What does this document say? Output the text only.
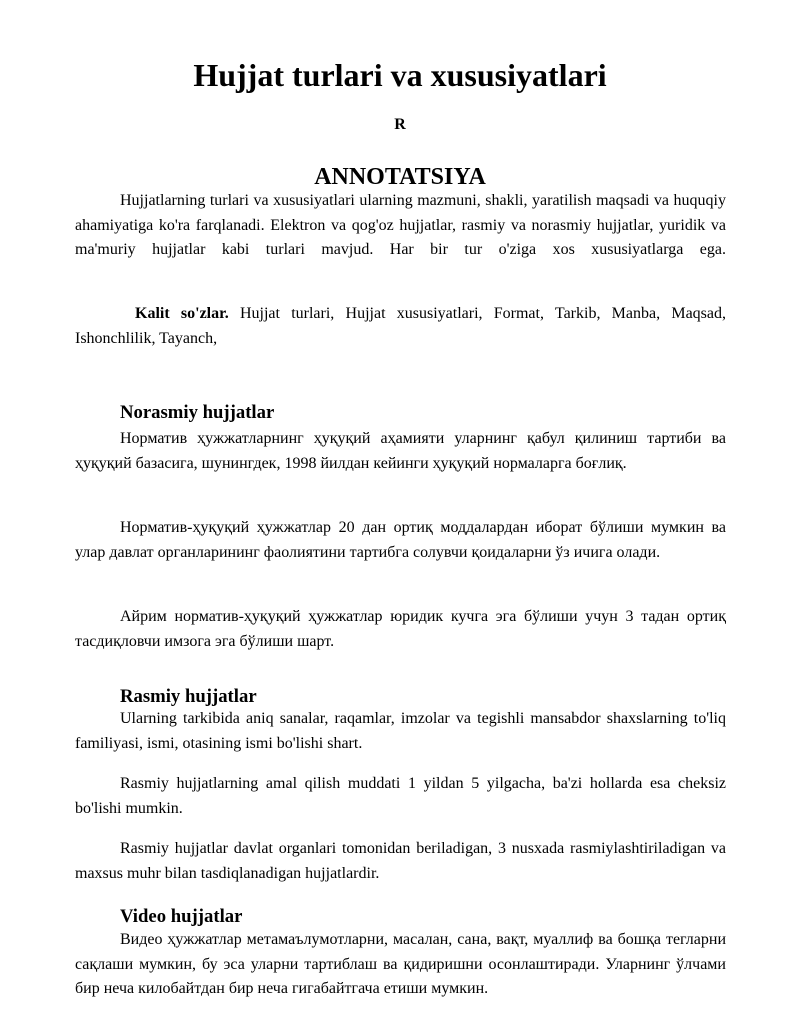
Hujjat turlari va xususiyatlari
R
ANNOTATSIYA

Hujjatlarning turlari va xususiyatlari ularning mazmuni, shakli, yaratilish maqsadi va huquqiy ahamiyatiga ko'ra farqlanadi. Elektron va qog'oz hujjatlar, rasmiy va norasmiy hujjatlar, yuridik va ma'muriy hujjatlar kabi turlari mavjud. Har bir tur o'ziga xos xususiyatlarga ega.

Kalit so'zlar. Hujjat turlari, Hujjat xususiyatlari, Format, Tarkib, Manba, Maqsad, Ishonchlilik, Tayanch,

Norasmiy hujjatlar

Норматив ҳужжатларнинг ҳуқуқий аҳамияти уларнинг қабул қилиниш тартиби ва ҳуқуқий базасига, шунингдек, 1998 йилдан кейинги ҳуқуқий нормаларга боғлиқ.

Норматив-ҳуқуқий ҳужжатлар 20 дан ортиқ моддалардан иборат бўлиши мумкин ва улар давлат органларининг фаолиятини тартибга солувчи қоидаларни ўз ичига олади.

Айрим норматив-ҳуқуқий ҳужжатлар юридик кучга эга бўлиши учун 3 тадан ортиқ тасдиқловчи имзога эга бўлиши шарт.

Rasmiy hujjatlar

Ularning tarkibida aniq sanalar, raqamlar, imzolar va tegishli mansabdor shaxslarning to'liq familiyasi, ismi, otasining ismi bo'lishi shart.

Rasmiy hujjatlarning amal qilish muddati 1 yildan 5 yilgacha, ba'zi hollarda esa cheksiz bo'lishi mumkin.

Rasmiy hujjatlar davlat organlari tomonidan beriladigan, 3 nusxada rasmiylashtiriladigan va maxsus muhr bilan tasdiqlanadigan hujjatlardir.

Video hujjatlar

Видео ҳужжатлар метамаълумотларни, масалан, сана, вақт, муаллиф ва бошқа тегларни сақлаши мумкин, бу эса уларни тартиблаш ва қидиришни осонлаштиради. Уларнинг ўлчами бир неча килобайтдан бир неча гигабайтгача етиши мумкин.
